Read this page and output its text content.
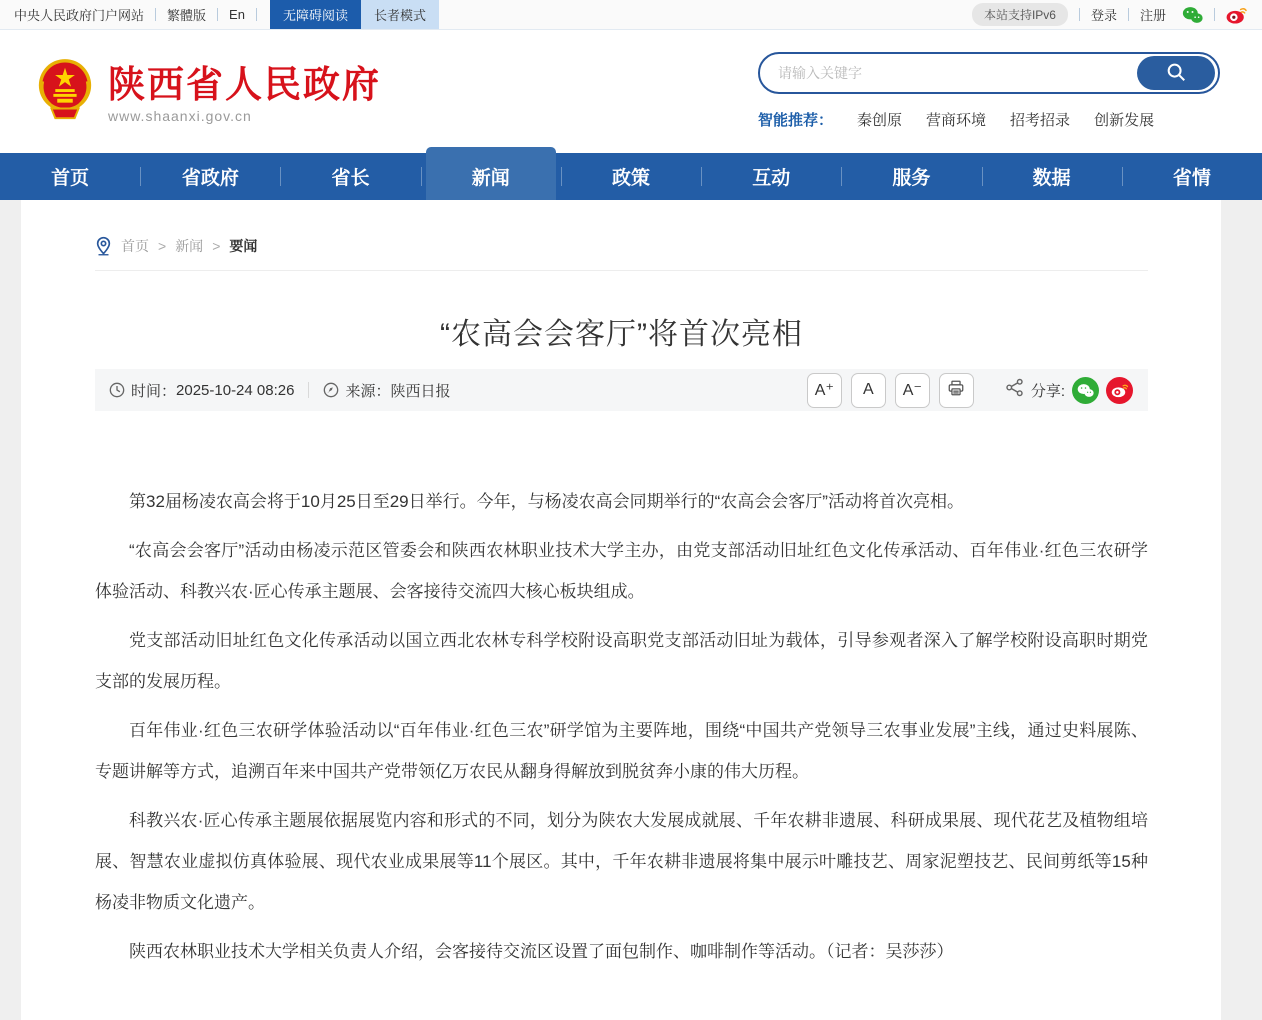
中央人民政府门户网站 繁體版 En	无障碍阅读	长者模式	本站支持IPv6	登录 注册
陕西省人民政府
www.shaanxi.gov.cn
请输入关键字	智能推荐： 秦创原 营商环境 招考招录 创新发展
首页	省政府	省长	新闻	政策	互动	服务	数据	省情
首页 > 新闻 > 要闻
“农高会会客厅”将首次亮相
时间： 2025-10-24 08:26	来源： 陕西日报	A⁺	A	A⁻	分享:

第32届杨凌农高会将于10月25日至29日举行。今年，与杨凌农高会同期举行的“农高会会客厅”活动将首次亮相。

“农高会会客厅”活动由杨凌示范区管委会和陕西农林职业技术大学主办，由党支部活动旧址红色文化传承活动、百年伟业·红色三农研学体验活动、科教兴农·匠心传承主题展、会客接待交流四大核心板块组成。

党支部活动旧址红色文化传承活动以国立西北农林专科学校附设高职党支部活动旧址为载体，引导参观者深入了解学校附设高职时期党支部的发展历程。

百年伟业·红色三农研学体验活动以“百年伟业·红色三农”研学馆为主要阵地，围绕“中国共产党领导三农事业发展”主线，通过史料展陈、专题讲解等方式，追溯百年来中国共产党带领亿万农民从翻身得解放到脱贫奔小康的伟大历程。

科教兴农·匠心传承主题展依据展览内容和形式的不同，划分为陕农大发展成就展、千年农耕非遗展、科研成果展、现代花艺及植物组培展、智慧农业虚拟仿真体验展、现代农业成果展等11个展区。其中，千年农耕非遗展将集中展示叶雕技艺、周家泥塑技艺、民间剪纸等15种杨凌非物质文化遗产。

陕西农林职业技术大学相关负责人介绍，会客接待交流区设置了面包制作、咖啡制作等活动。（记者：吴莎莎）
